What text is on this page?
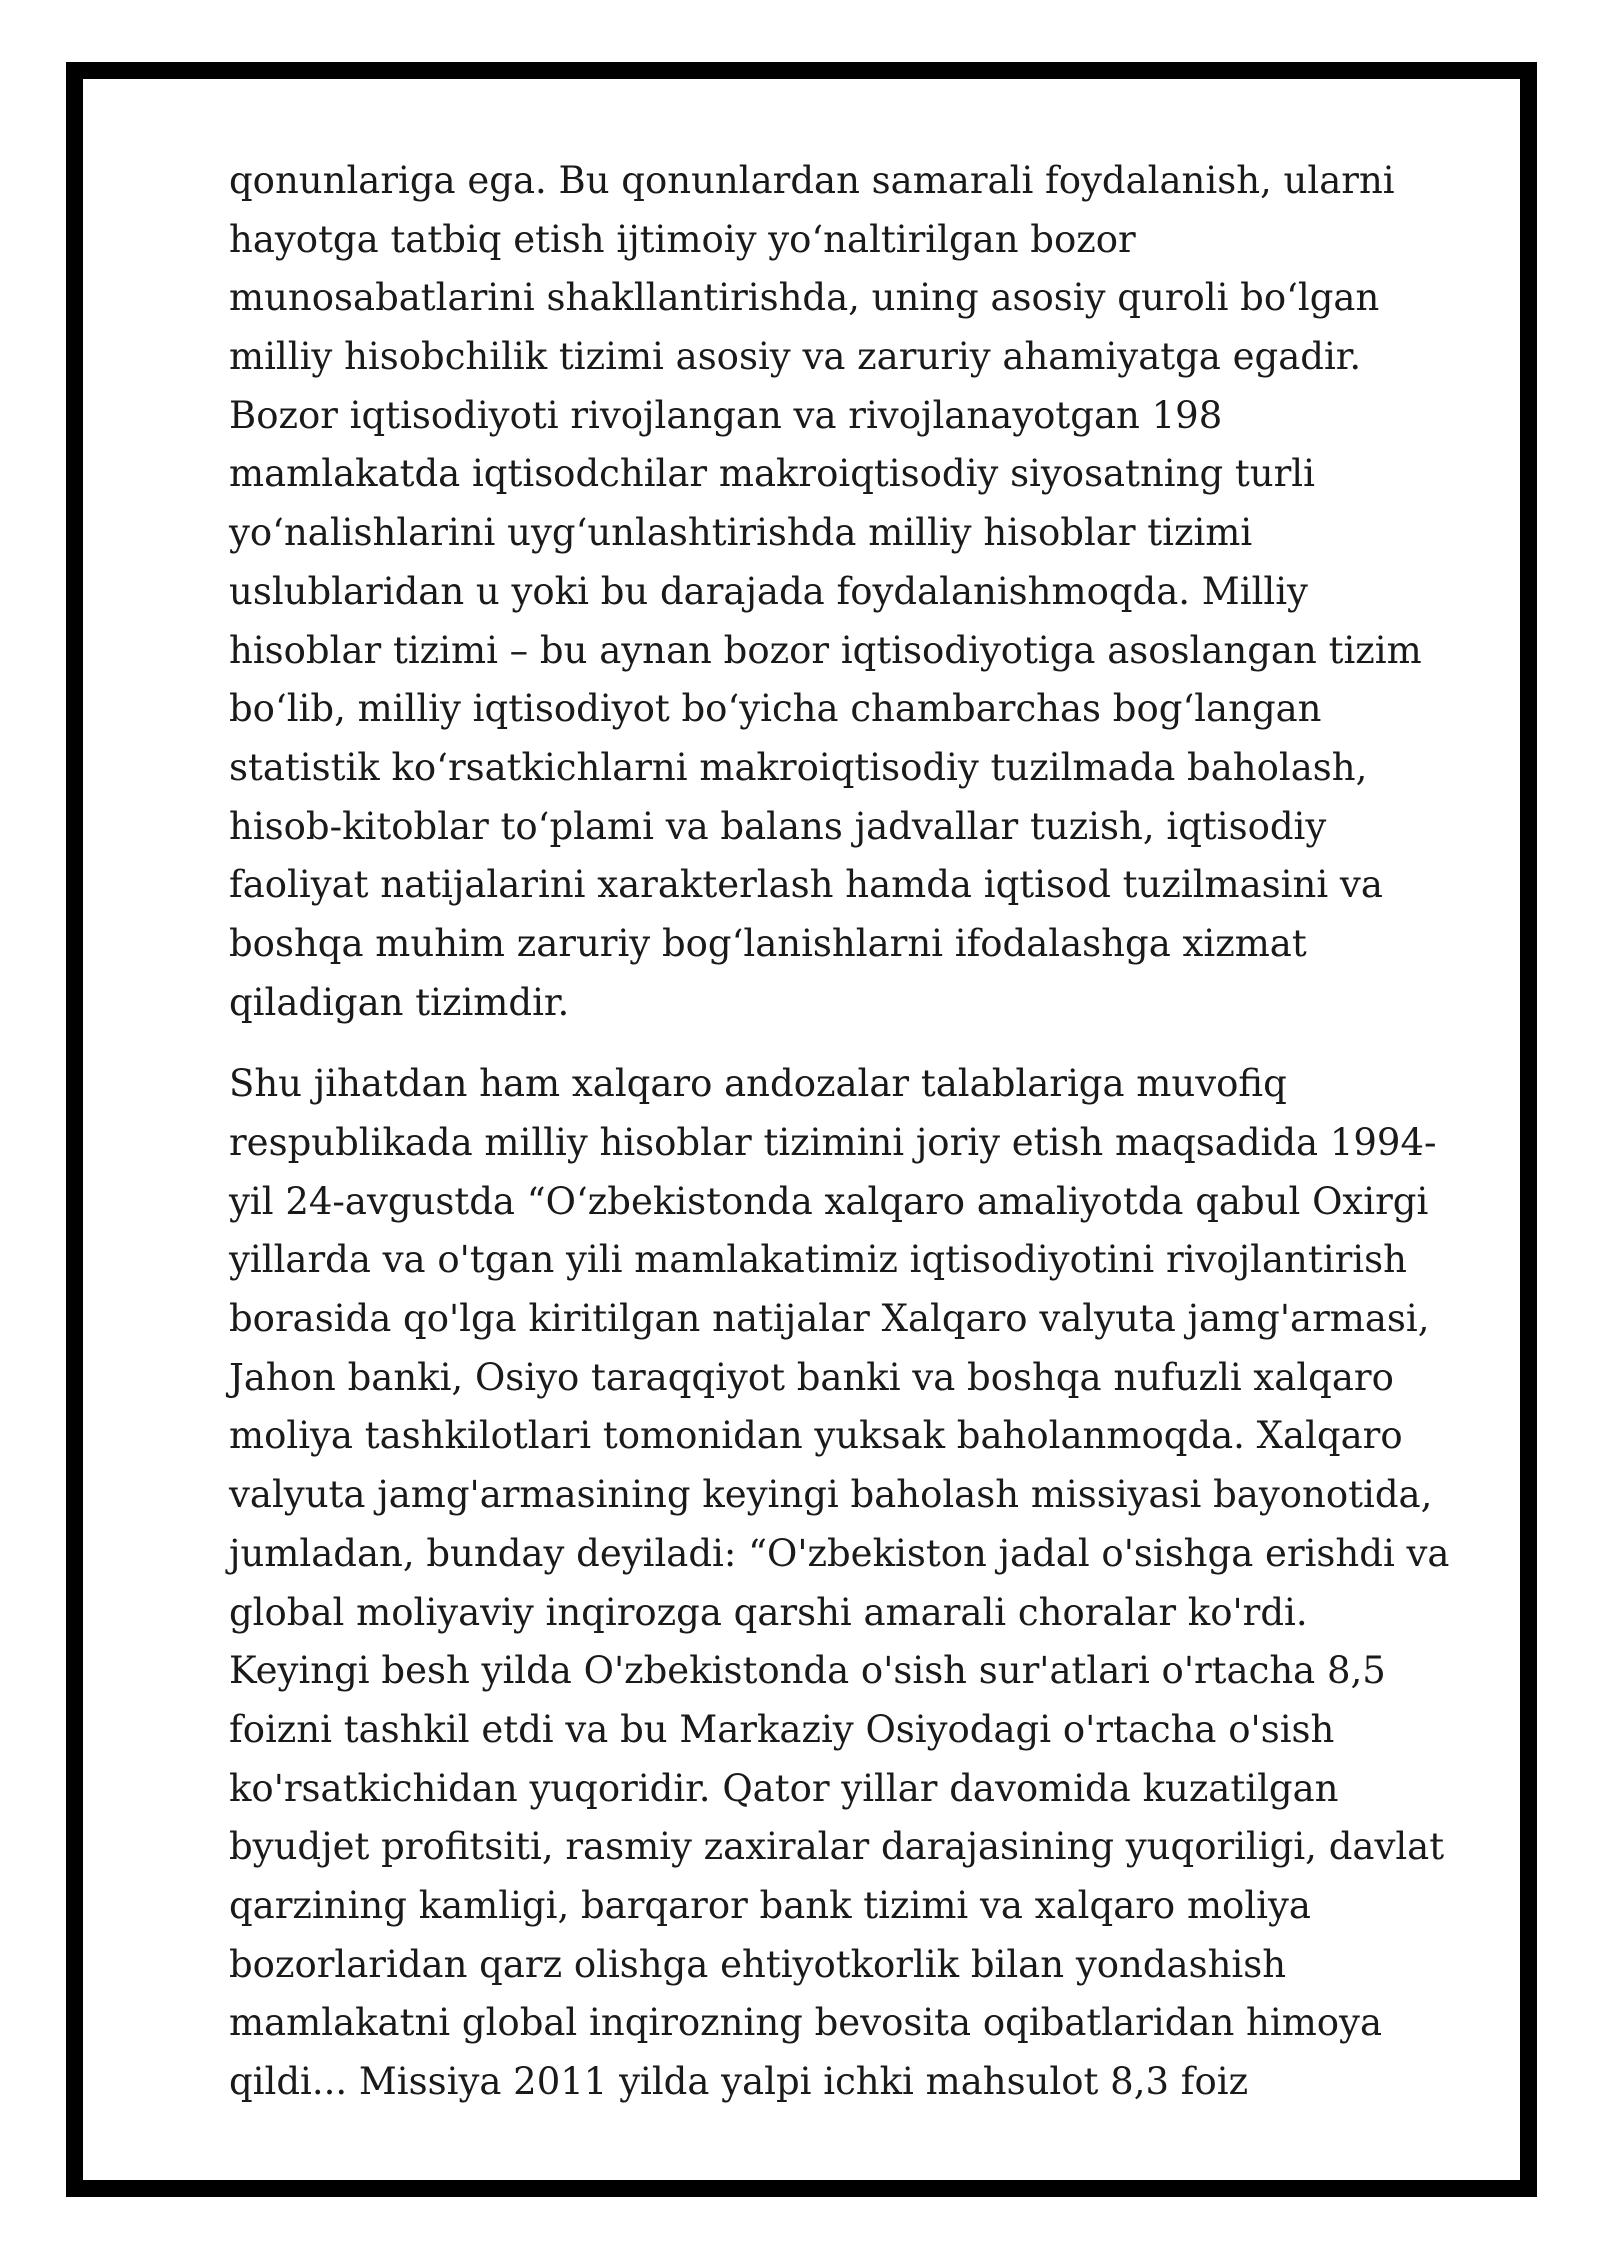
qonunlariga ega. Bu qonunlardan samarali foydalanish, ularni
hayotga tatbiq etish ijtimoiy yo‘naltirilgan bozor
munosabatlarini shakllantirishda, uning asosiy quroli bo‘lgan
milliy hisobchilik tizimi asosiy va zaruriy ahamiyatga egadir.
Bozor iqtisodiyoti rivojlangan va rivojlanayotgan 198
mamlakatda iqtisodchilar makroiqtisodiy siyosatning turli
yo‘nalishlarini uyg‘unlashtirishda milliy hisoblar tizimi
uslublaridan u yoki bu darajada foydalanishmoqda. Milliy
hisoblar tizimi – bu aynan bozor iqtisodiyotiga asoslangan tizim
bo‘lib, milliy iqtisodiyot bo‘yicha chambarchas bog‘langan
statistik ko‘rsatkichlarni makroiqtisodiy tuzilmada baholash,
hisob-kitoblar to‘plami va balans jadvallar tuzish, iqtisodiy
faoliyat natijalarini xarakterlash hamda iqtisod tuzilmasini va
boshqa muhim zaruriy bog‘lanishlarni ifodalashga xizmat
qiladigan tizimdir.

Shu jihatdan ham xalqaro andozalar talablariga muvofiq
respublikada milliy hisoblar tizimini joriy etish maqsadida 1994-
yil 24-avgustda “O‘zbekistonda xalqaro amaliyotda qabul Oxirgi
yillarda va o'tgan yili mamlakatimiz iqtisodiyotini rivojlantirish
borasida qo'lga kiritilgan natijalar Xalqaro valyuta jamg'armasi,
Jahon banki, Osiyo taraqqiyot banki va boshqa nufuzli xalqaro
moliya tashkilotlari tomonidan yuksak baholanmoqda. Xalqaro
valyuta jamg'armasining keyingi baholash missiyasi bayonotida,
jumladan, bunday deyiladi: “O'zbekiston jadal o'sishga erishdi va
global moliyaviy inqirozga qarshi amarali choralar ko'rdi.
Keyingi besh yilda O'zbekistonda o'sish sur'atlari o'rtacha 8,5
foizni tashkil etdi va bu Markaziy Osiyodagi o'rtacha o'sish
ko'rsatkichidan yuqoridir. Qator yillar davomida kuzatilgan
byudjet profitsiti, rasmiy zaxiralar darajasining yuqoriligi, davlat
qarzining kamligi, barqaror bank tizimi va xalqaro moliya
bozorlaridan qarz olishga ehtiyotkorlik bilan yondashish
mamlakatni global inqirozning bevosita oqibatlaridan himoya
qildi... Missiya 2011 yilda yalpi ichki mahsulot 8,3 foiz
